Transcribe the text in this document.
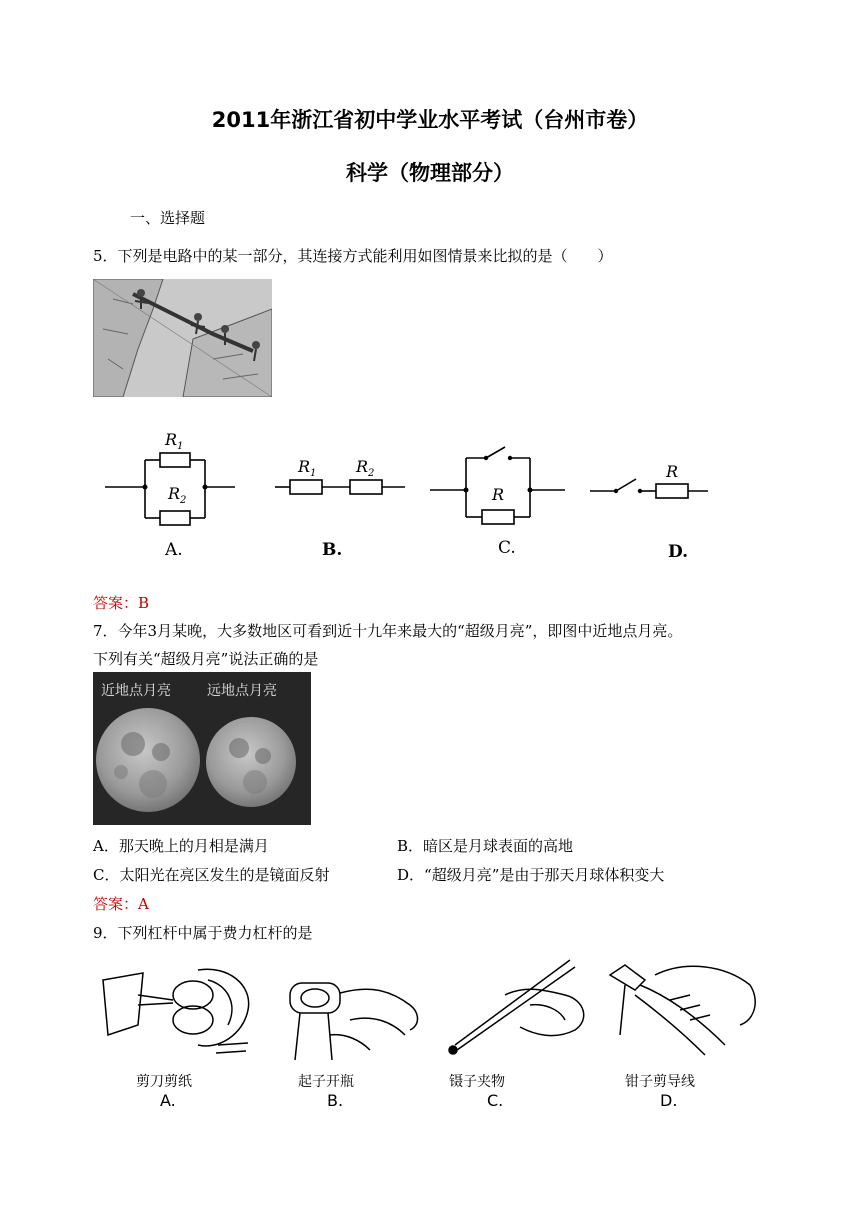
2011年浙江省初中学业水平考试（台州市卷）
科学（物理部分）
一、选择题
5．下列是电路中的某一部分，其连接方式能利用如图情景来比拟的是（　　）
$R_1$
$R_2$
A.
$R_1$ $R_2$
B.
R
C.
R
D.
答案：B
7．今年3月某晚，大多数地区可看到近十九年来最大的“超级月亮”，即图中近地点月亮。
下列有关“超级月亮”说法正确的是
近地点月亮	远地点月亮
A．那天晚上的月相是满月	B．暗区是月球表面的高地
C．太阳光在亮区发生的是镜面反射	D．“超级月亮”是由于那天月球体积变大
答案：A
9．下列杠杆中属于费力杠杆的是
剪刀剪纸
A.
起子开瓶
B.
镊子夹物
C.
钳子剪导线
D.
